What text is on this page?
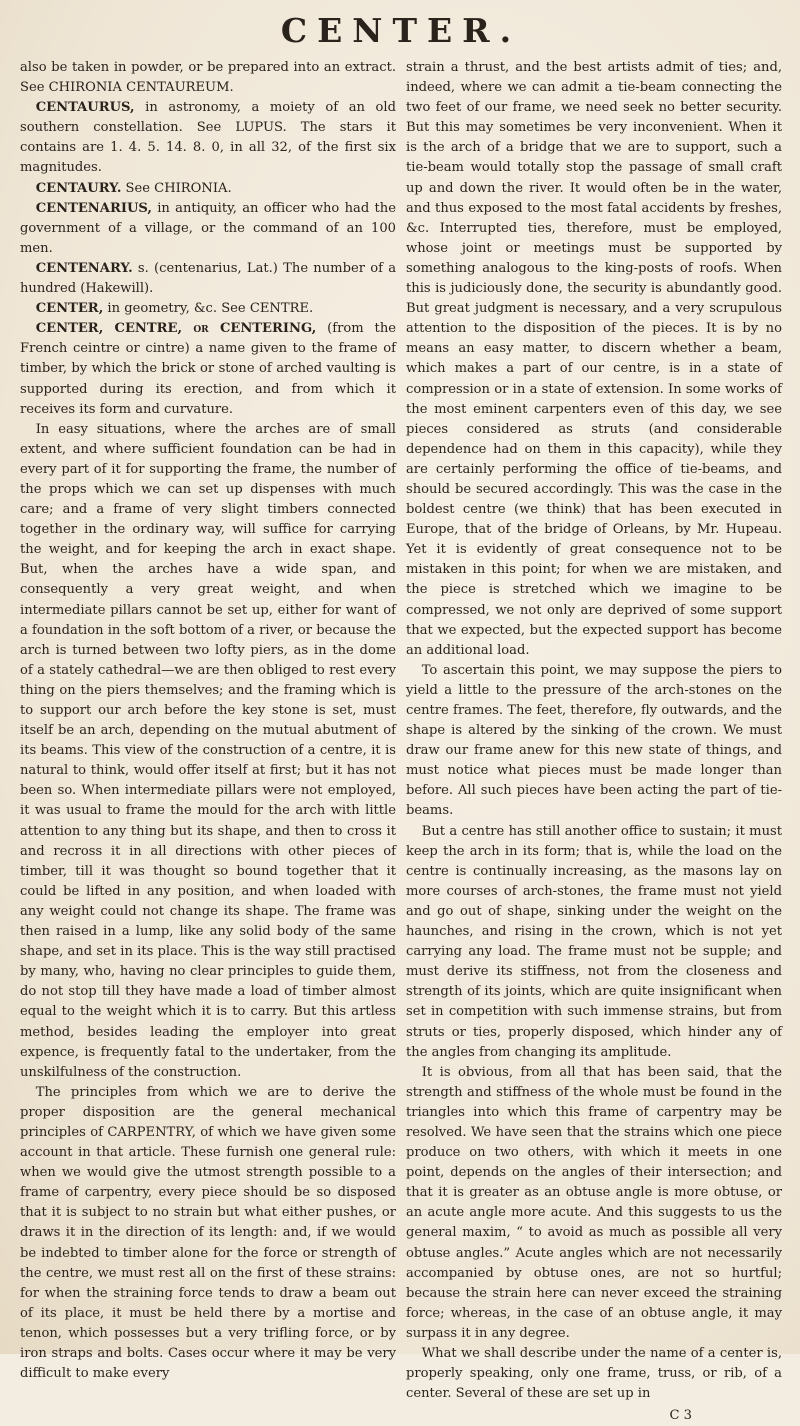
CENTER.

also be taken in powder, or be prepared into an extract. See CHIRONIA CENTAUREUM.

CENTAURUS, in astronomy, a moiety of an old southern constellation. See LUPUS. The stars it contains are 1. 4. 5. 14. 8. 0, in all 32, of the first six magnitudes.

CENTAURY. See CHIRONIA.

CENTENARIUS, in antiquity, an officer who had the government of a village, or the command of an 100 men.

CENTENARY. s. (centenarius, Lat.) The number of a hundred (Hakewill).

CENTER, in geometry, &c. See CENTRE.

CENTER, CENTRE, or CENTERING, (from the French ceintre or cintre) a name given to the frame of timber, by which the brick or stone of arched vaulting is supported during its erection, and from which it receives its form and curvature.

In easy situations, where the arches are of small extent, and where sufficient foundation can be had in every part of it for supporting the frame, the number of the props which we can set up dispenses with much care; and a frame of very slight timbers connected together in the ordinary way, will suffice for carrying the weight, and for keeping the arch in exact shape. But, when the arches have a wide span, and consequently a very great weight, and when intermediate pillars cannot be set up, either for want of a foundation in the soft bottom of a river, or because the arch is turned between two lofty piers, as in the dome of a stately cathedral—we are then obliged to rest every thing on the piers themselves; and the framing which is to support our arch before the key stone is set, must itself be an arch, depending on the mutual abutment of its beams. This view of the construction of a centre, it is natural to think, would offer itself at first; but it has not been so. When intermediate pillars were not employed, it was usual to frame the mould for the arch with little attention to any thing but its shape, and then to cross it and recross it in all directions with other pieces of timber, till it was thought so bound together that it could be lifted in any position, and when loaded with any weight could not change its shape. The frame was then raised in a lump, like any solid body of the same shape, and set in its place. This is the way still practised by many, who, having no clear principles to guide them, do not stop till they have made a load of timber almost equal to the weight which it is to carry. But this artless method, besides leading the employer into great expence, is frequently fatal to the undertaker, from the unskilfulness of the construction.

The principles from which we are to derive the proper disposition are the general mechanical principles of CARPENTRY, of which we have given some account in that article. These furnish one general rule: when we would give the utmost strength possible to a frame of carpentry, every piece should be so disposed that it is subject to no strain but what either pushes, or draws it in the direction of its length: and, if we would be indebted to timber alone for the force or strength of the centre, we must rest all on the first of these strains: for when the straining force tends to draw a beam out of its place, it must be held there by a mortise and tenon, which possesses but a very trifling force, or by iron straps and bolts. Cases occur where it may be very difficult to make every

strain a thrust, and the best artists admit of ties; and, indeed, where we can admit a tie-beam connecting the two feet of our frame, we need seek no better security. But this may sometimes be very inconvenient. When it is the arch of a bridge that we are to support, such a tie-beam would totally stop the passage of small craft up and down the river. It would often be in the water, and thus exposed to the most fatal accidents by freshes, &c. Interrupted ties, therefore, must be employed, whose joint or meetings must be supported by something analogous to the king-posts of roofs. When this is judiciously done, the security is abundantly good. But great judgment is necessary, and a very scrupulous attention to the disposition of the pieces. It is by no means an easy matter, to discern whether a beam, which makes a part of our centre, is in a state of compression or in a state of extension. In some works of the most eminent carpenters even of this day, we see pieces considered as struts (and considerable dependence had on them in this capacity), while they are certainly performing the office of tie-beams, and should be secured accordingly. This was the case in the boldest centre (we think) that has been executed in Europe, that of the bridge of Orleans, by Mr. Hupeau. Yet it is evidently of great consequence not to be mistaken in this point; for when we are mistaken, and the piece is stretched which we imagine to be compressed, we not only are deprived of some support that we expected, but the expected support has become an additional load.

To ascertain this point, we may suppose the piers to yield a little to the pressure of the arch-stones on the centre frames. The feet, therefore, fly outwards, and the shape is altered by the sinking of the crown. We must draw our frame anew for this new state of things, and must notice what pieces must be made longer than before. All such pieces have been acting the part of tie-beams.

But a centre has still another office to sustain; it must keep the arch in its form; that is, while the load on the centre is continually increasing, as the masons lay on more courses of arch-stones, the frame must not yield and go out of shape, sinking under the weight on the haunches, and rising in the crown, which is not yet carrying any load. The frame must not be supple; and must derive its stiffness, not from the closeness and strength of its joints, which are quite insignificant when set in competition with such immense strains, but from struts or ties, properly disposed, which hinder any of the angles from changing its amplitude.

It is obvious, from all that has been said, that the strength and stiffness of the whole must be found in the triangles into which this frame of carpentry may be resolved. We have seen that the strains which one piece produce on two others, with which it meets in one point, depends on the angles of their intersection; and that it is greater as an obtuse angle is more obtuse, or an acute angle more acute. And this suggests to us the general maxim, “ to avoid as much as possible all very obtuse angles.” Acute angles which are not necessarily accompanied by obtuse ones, are not so hurtful; because the strain here can never exceed the straining force; whereas, in the case of an obtuse angle, it may surpass it in any degree.

What we shall describe under the name of a center is, properly speaking, only one frame, truss, or rib, of a center. Several of these are set up in

C 3
